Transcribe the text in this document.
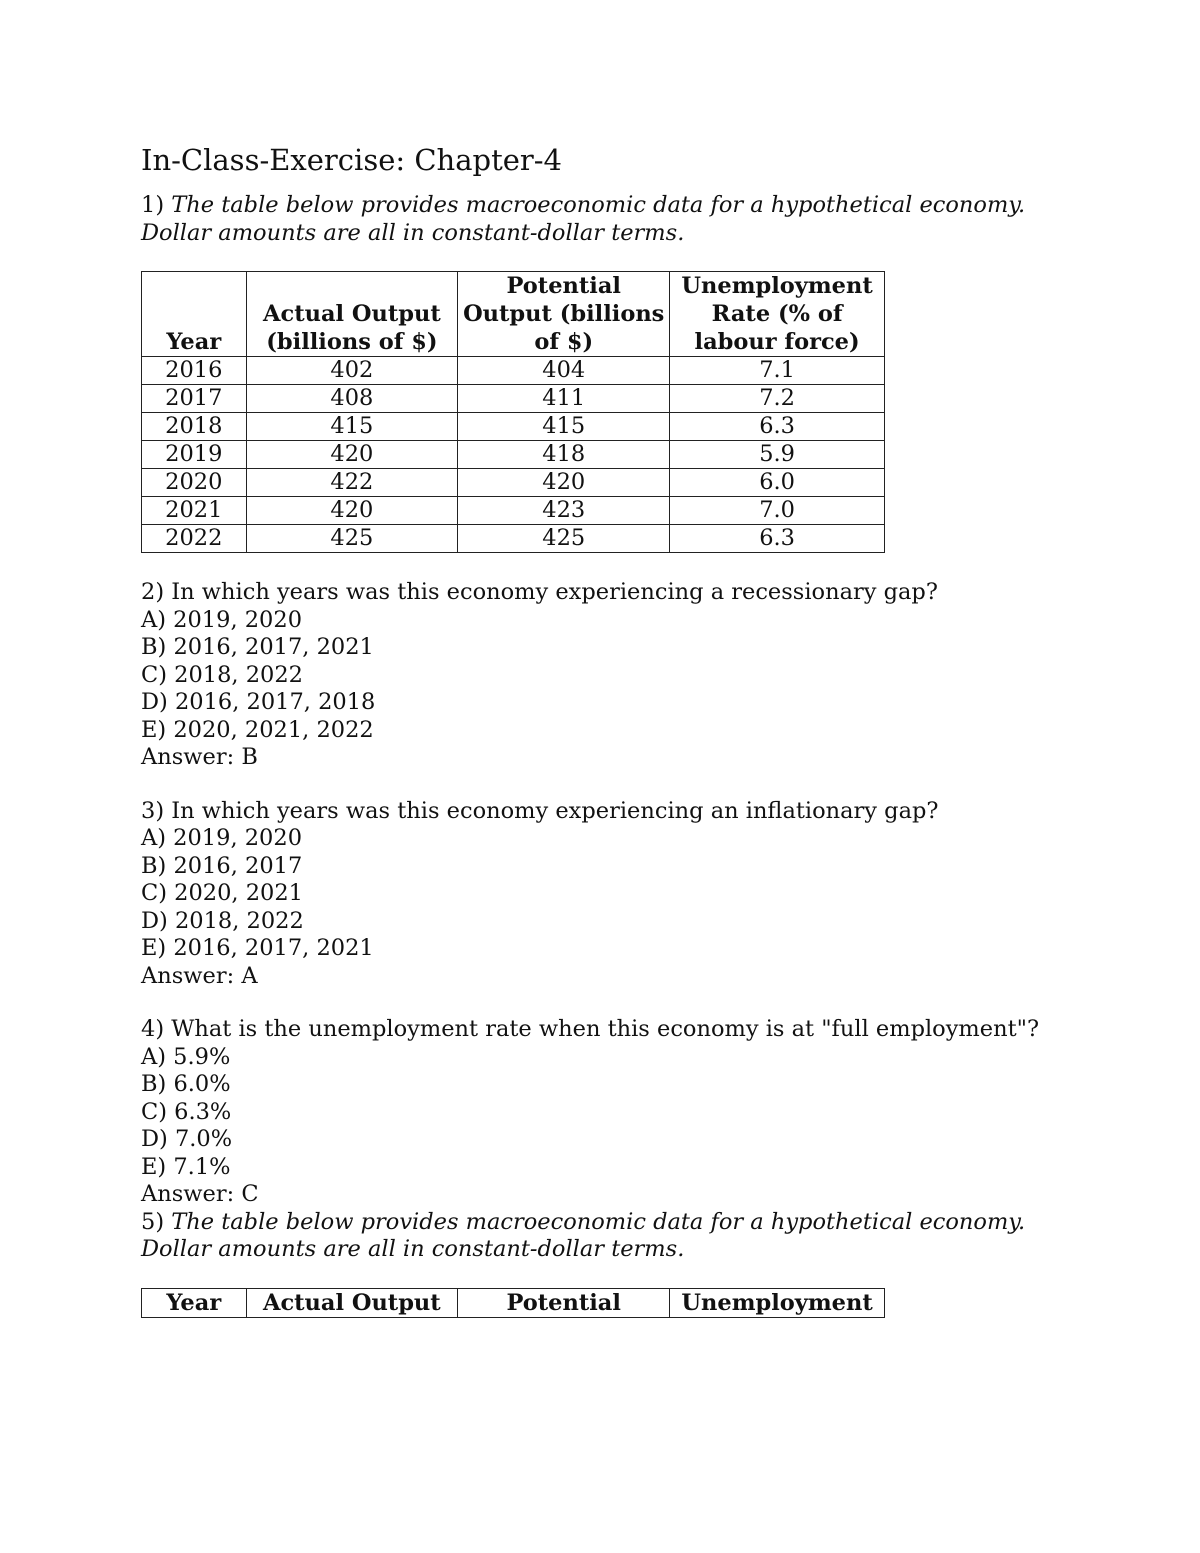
In-Class-Exercise: Chapter-4

1) The table below provides macroeconomic data for a hypothetical economy. Dollar amounts are all in constant-dollar terms.

Year	Actual Output (billions of $)	Potential Output (billions of $)	Unemployment Rate (% of labour force)
2016	402	404	7.1
2017	408	411	7.2
2018	415	415	6.3
2019	420	418	5.9
2020	422	420	6.0
2021	420	423	7.0
2022	425	425	6.3

2) In which years was this economy experiencing a recessionary gap?

A) 2019, 2020

B) 2016, 2017, 2021

C) 2018, 2022

D) 2016, 2017, 2018

E) 2020, 2021, 2022

Answer: B

3) In which years was this economy experiencing an inflationary gap?

A) 2019, 2020

B) 2016, 2017

C) 2020, 2021

D) 2018, 2022

E) 2016, 2017, 2021

Answer: A

4) What is the unemployment rate when this economy is at "full employment"?

A) 5.9%

B) 6.0%

C) 6.3%

D) 7.0%

E) 7.1%

Answer: C

5) The table below provides macroeconomic data for a hypothetical economy. Dollar amounts are all in constant-dollar terms.

Year	Actual Output	Potential	Unemployment
